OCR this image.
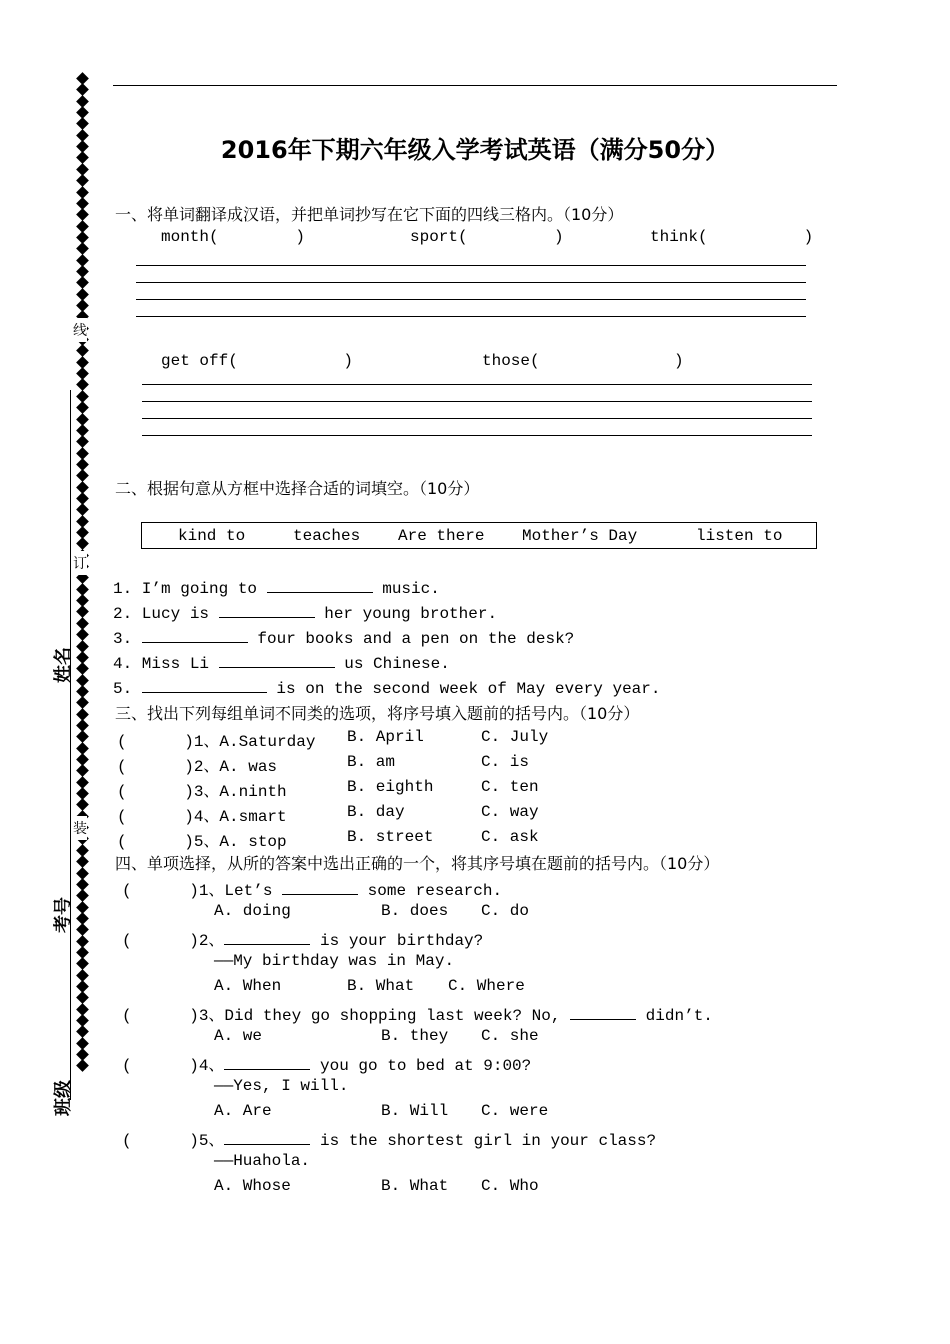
线
订
装
姓名
考号
班级
2016年下期六年级入学考试英语（满分50分）
一、将单词翻译成汉语，并把单词抄写在它下面的四线三格内。（10分）
month(        )	sport(         )	think(          )
get off(           )	those(              )
二、根据句意从方框中选择合适的词填空。（10分）
kind to	teaches Are there Mother’s Day	listen to
1. I’m going to	music.
2. Lucy is	her young brother.
3.	four books and a pen on the desk?
4. Miss Li	us Chinese.
5.	is on the second week of May every year.
三、找出下列每组单词不同类的选项，将序号填入题前的括号内。（10分）
(      )1、A.Saturday B. April	C. July
(      )2、A. was	B. am	C. is
(      )3、A.ninth	B. eighth	C. ten
(      )4、A.smart	B. day	C. way
(      )5、A. stop	B. street	C. ask
四、单项选择，从所的答案中选出正确的一个，将其序号填在题前的括号内。（10分）
(      )1、Let’s	some research.
A. doing	B. does C. do
(      )2、	is your birthday?
——My birthday was in May.
A. When	B. What C. Where
(      )3、Did they go shopping last week? No,	didn’t.
A. we	B. they C. she
(      )4、	you go to bed at 9:00?
——Yes, I will.
A. Are	B. Will C. were
(      )5、	is the shortest girl in your class?
——Huahola.
A. Whose	B. What C. Who
